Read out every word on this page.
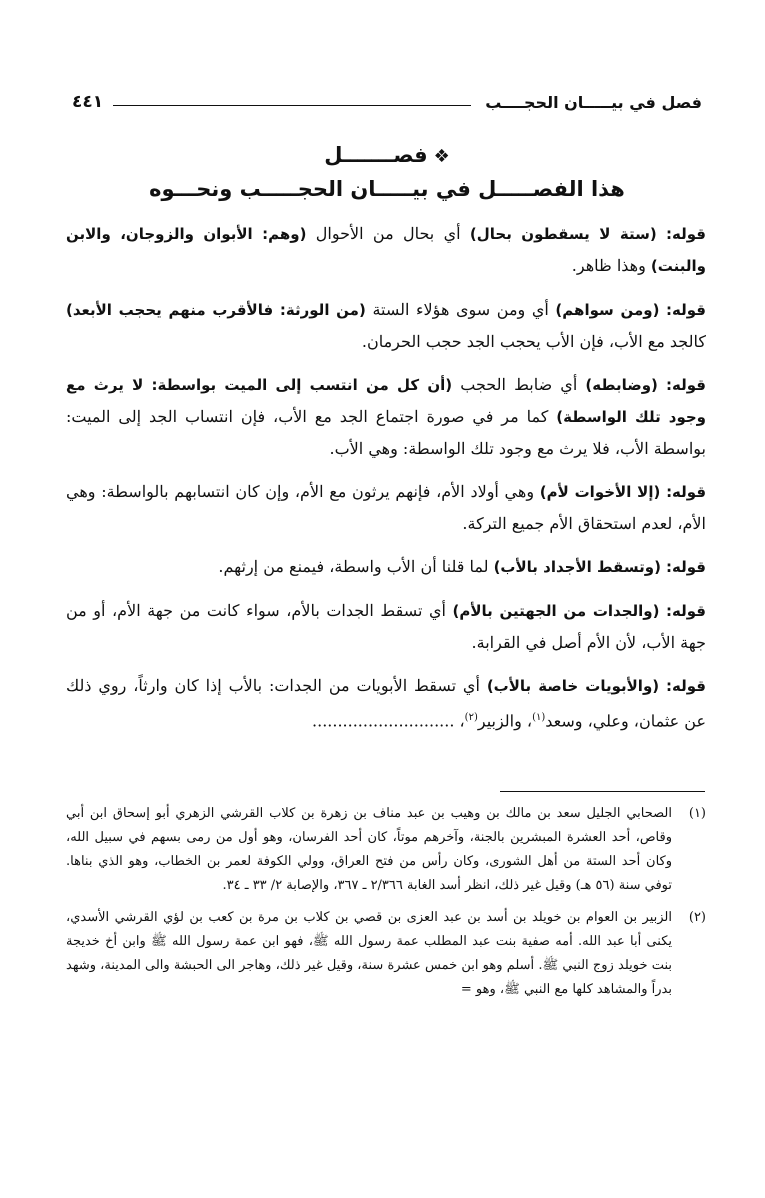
فصل في بيـــــان الحجــــب
٤٤١
❖فصـــــــل
هذا الفصـــــل في بيـــــان الحجـــــب ونحـــوه

قوله: (ستة لا يسقطون بحال) أي بحال من الأحوال (وهم: الأبوان والزوجان، والابن والبنت) وهذا ظاهر.

قوله: (ومن سواهم) أي ومن سوى هؤلاء الستة (من الورثة: فالأقرب منهم يحجب الأبعد) كالجد مع الأب، فإن الأب يحجب الجد حجب الحرمان.

قوله: (وضابطه) أي ضابط الحجب (أن كل من انتسب إلى الميت بواسطة: لا يرث مع وجود تلك الواسطة) كما مر في صورة اجتماع الجد مع الأب، فإن انتساب الجد إلى الميت: بواسطة الأب، فلا يرث مع وجود تلك الواسطة: وهي الأب.

قوله: (إلا الأخوات لأم) وهي أولاد الأم، فإنهم يرثون مع الأم، وإن كان انتسابهم بالواسطة: وهي الأم، لعدم استحقاق الأم جميع التركة.

قوله: (وتسقط الأجداد بالأب) لما قلنا أن الأب واسطة، فيمنع من إرثهم.

قوله: (والجدات من الجهتين بالأم) أي تسقط الجدات بالأم، سواء كانت من جهة الأم، أو من جهة الأب، لأن الأم أصل في القرابة.

قوله: (والأبويات خاصة بالأب) أي تسقط الأبويات من الجدات: بالأب إذا كان وارثاً، روي ذلك عن عثمان، وعلي، وسعد$^{(١)}$، والزبير$^{(٢)}$، ............................

(١)
الصحابي الجليل سعد بن مالك بن وهيب بن عبد مناف بن زهرة بن كلاب القرشي الزهري أبو إسحاق ابن أبي وقاص، أحد العشرة المبشرين بالجنة، وآخرهم موتاً، كان أحد الفرسان، وهو أول من رمى بسهم في سبيل الله، وكان أحد الستة من أهل الشورى، وكان رأس من فتح العراق، وولي الكوفة لعمر بن الخطاب، وهو الذي بناها. توفي سنة (٥٦ هـ) وقيل غير ذلك، انظر أسد الغابة ٢/٣٦٦ ـ ٣٦٧، والإصابة ٢/ ٣٣ ـ ٣٤.
(٢)
الزبير بن العوام بن خويلد بن أسد بن عبد العزى بن قصي بن كلاب بن مرة بن كعب بن لؤي القرشي الأسدي، يكنى أبا عبد الله. أمه صفية بنت عبد المطلب عمة رسول الله ﷺ، فهو ابن عمة رسول الله ﷺ وابن أخ خديجة بنت خويلد زوج النبي ﷺ. أسلم وهو ابن خمس عشرة سنة، وقيل غير ذلك، وهاجر الى الحبشة والى المدينة، وشهد بدراً والمشاهد كلها مع النبي ﷺ، وهو =
